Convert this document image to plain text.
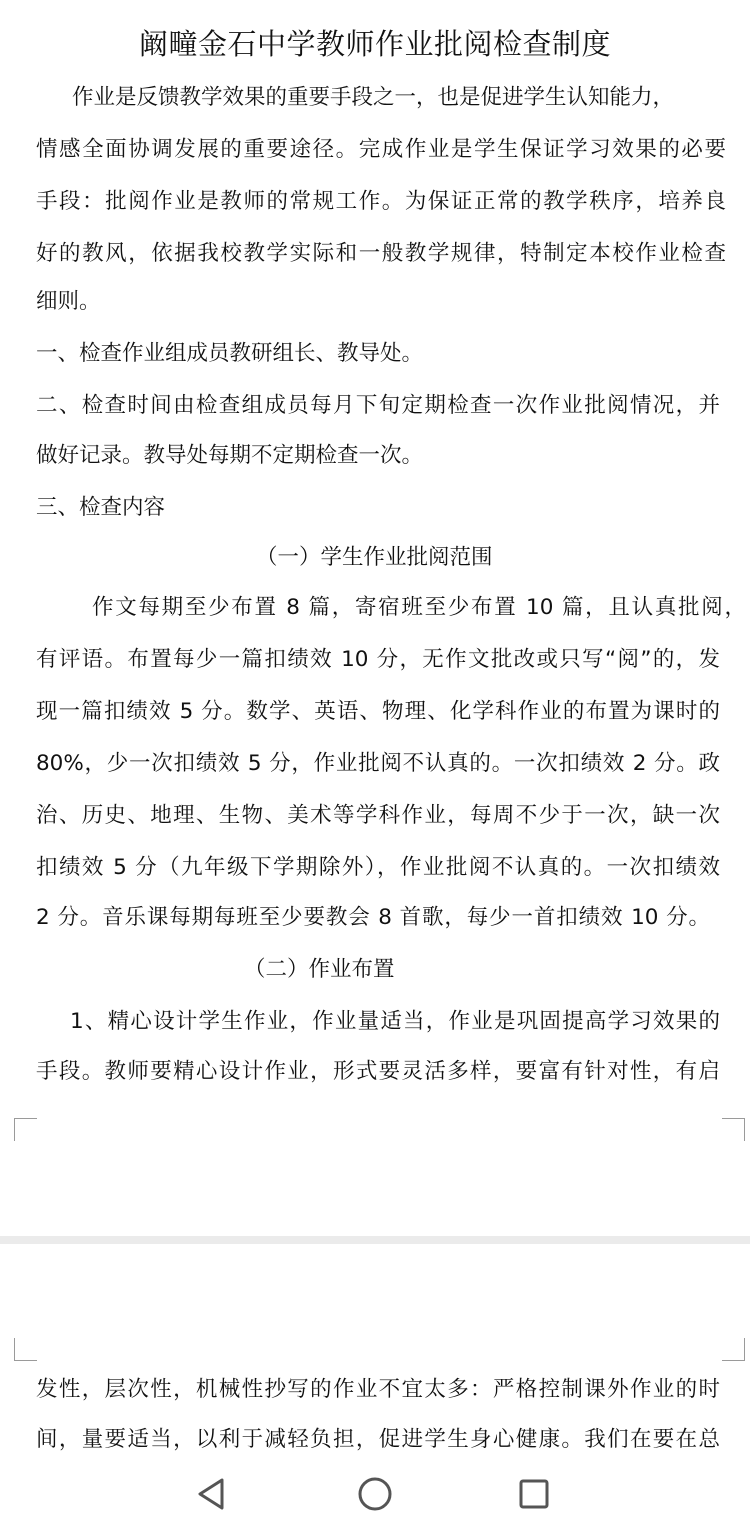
阚疃金石中学教师作业批阅检查制度
作业是反馈教学效果的重要手段之一，也是促进学生认知能力，
情感全面协调发展的重要途径。完成作业是学生保证学习效果的必要
手段：批阅作业是教师的常规工作。为保证正常的教学秩序，培养良
好的教风，依据我校教学实际和一般教学规律，特制定本校作业检查
细则。
一、检查作业组成员教研组长、教导处。
二、检查时间由检查组成员每月下旬定期检查一次作业批阅情况，并
做好记录。教导处每期不定期检查一次。
三、检查内容
（一）学生作业批阅范围
作文每期至少布置 8 篇，寄宿班至少布置 10 篇，且认真批阅，
有评语。布置每少一篇扣绩效 10 分，无作文批改或只写“阅”的，发
现一篇扣绩效 5 分。数学、英语、物理、化学科作业的布置为课时的
80%，少一次扣绩效 5 分，作业批阅不认真的。一次扣绩效 2 分。政
治、历史、地理、生物、美术等学科作业，每周不少于一次，缺一次
扣绩效 5 分（九年级下学期除外），作业批阅不认真的。一次扣绩效
2 分。音乐课每期每班至少要教会 8 首歌，每少一首扣绩效 10 分。
（二）作业布置
1、精心设计学生作业，作业量适当，作业是巩固提高学习效果的
手段。教师要精心设计作业，形式要灵活多样，要富有针对性，有启
发性，层次性，机械性抄写的作业不宜太多：严格控制课外作业的时
间，量要适当，以利于减轻负担，促进学生身心健康。我们在要在总
